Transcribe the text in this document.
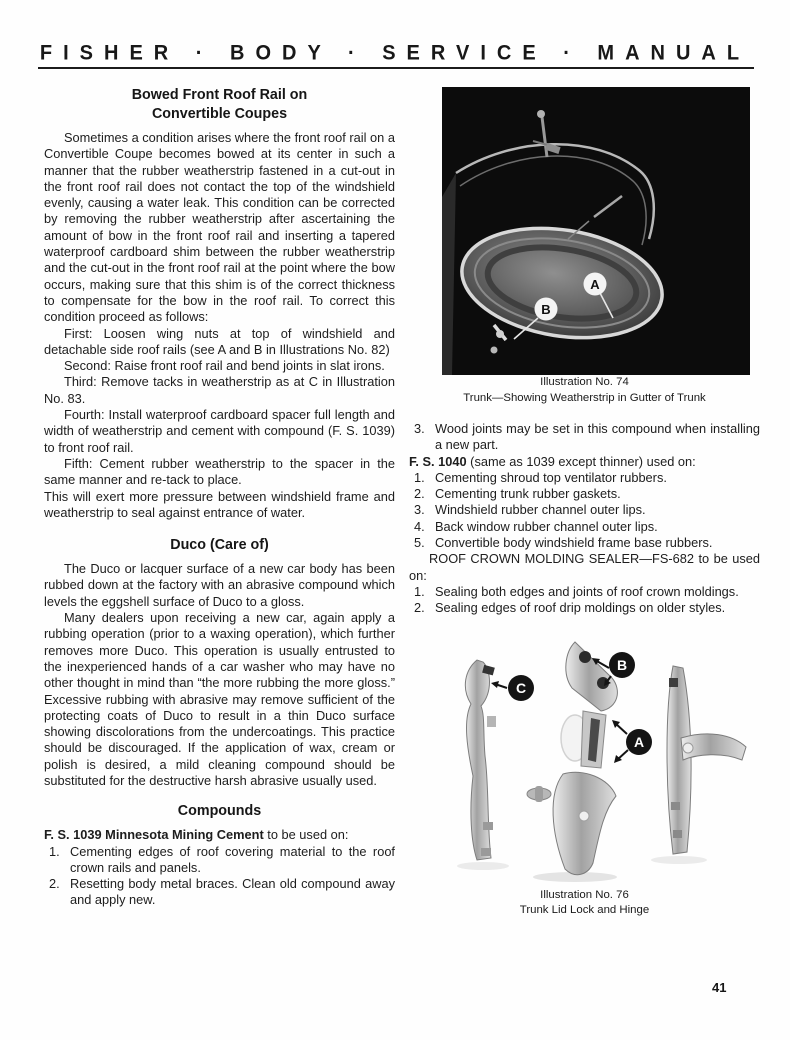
FISHER · BODY · SERVICE · MANUAL
Bowed Front Roof Rail on
Convertible Coupes

Sometimes a condition arises where the front roof rail on a Convertible Coupe becomes bowed at its center in such a manner that the rubber weatherstrip fastened in a cut-out in the front roof rail does not contact the top of the windshield evenly, causing a water leak. This condition can be corrected by removing the rubber weatherstrip after ascertaining the amount of bow in the front roof rail and inserting a tapered waterproof cardboard shim between the rubber weatherstrip and the cut-out in the front roof rail at the point where the bow occurs, making sure that this shim is of the correct thickness to compensate for the bow in the roof rail. To correct this condition proceed as follows:

First: Loosen wing nuts at top of windshield and detachable side roof rails (see A and B in Illustrations No. 82)

Second: Raise front roof rail and bend joints in slat irons.

Third: Remove tacks in weatherstrip as at C in Illustration No. 83.

Fourth: Install waterproof cardboard spacer full length and width of weatherstrip and cement with compound (F. S. 1039) to front roof rail.

Fifth: Cement rubber weatherstrip to the spacer in the same manner and re-tack to place.

This will exert more pressure between windshield frame and weatherstrip to seal against entrance of water.

Duco (Care of)

The Duco or lacquer surface of a new car body has been rubbed down at the factory with an abrasive compound which levels the eggshell surface of Duco to a gloss.

Many dealers upon receiving a new car, again apply a rubbing operation (prior to a waxing operation), which further removes more Duco. This operation is usually entrusted to the inexperienced hands of a car washer who may have no other thought in mind than “the more rubbing the more gloss.” Excessive rubbing with abrasive may remove sufficient of the protecting coats of Duco to result in a thin Duco surface showing discolorations from the undercoatings. This practice should be discouraged. If the application of wax, cream or polish is desired, a mild cleaning compound should be substituted for the destructive harsh abrasive usually used.

Compounds

F. S. 1039 Minnesota Mining Cement to be used on:

1. Cementing edges of roof covering material to the roof crown rails and panels.
2. Resetting body metal braces. Clean old compound away and apply new.
A
B

Illustration No. 74
Trunk—Showing Weatherstrip in Gutter of Trunk

3. Wood joints may be set in this compound when installing a new part.

F. S. 1040 (same as 1039 except thinner) used on:

1. Cementing shroud top ventilator rubbers.
2. Cementing trunk rubber gaskets.
3. Windshield rubber channel outer lips.
4. Back window rubber channel outer lips.
5. Convertible body windshield frame base rubbers.

ROOF CROWN MOLDING SEALER—FS-682 to be used on:

1. Sealing both edges and joints of roof crown moldings.
2. Sealing edges of roof drip moldings on older styles.
B
C
A

Illustration No. 76
Trunk Lid Lock and Hinge

41
